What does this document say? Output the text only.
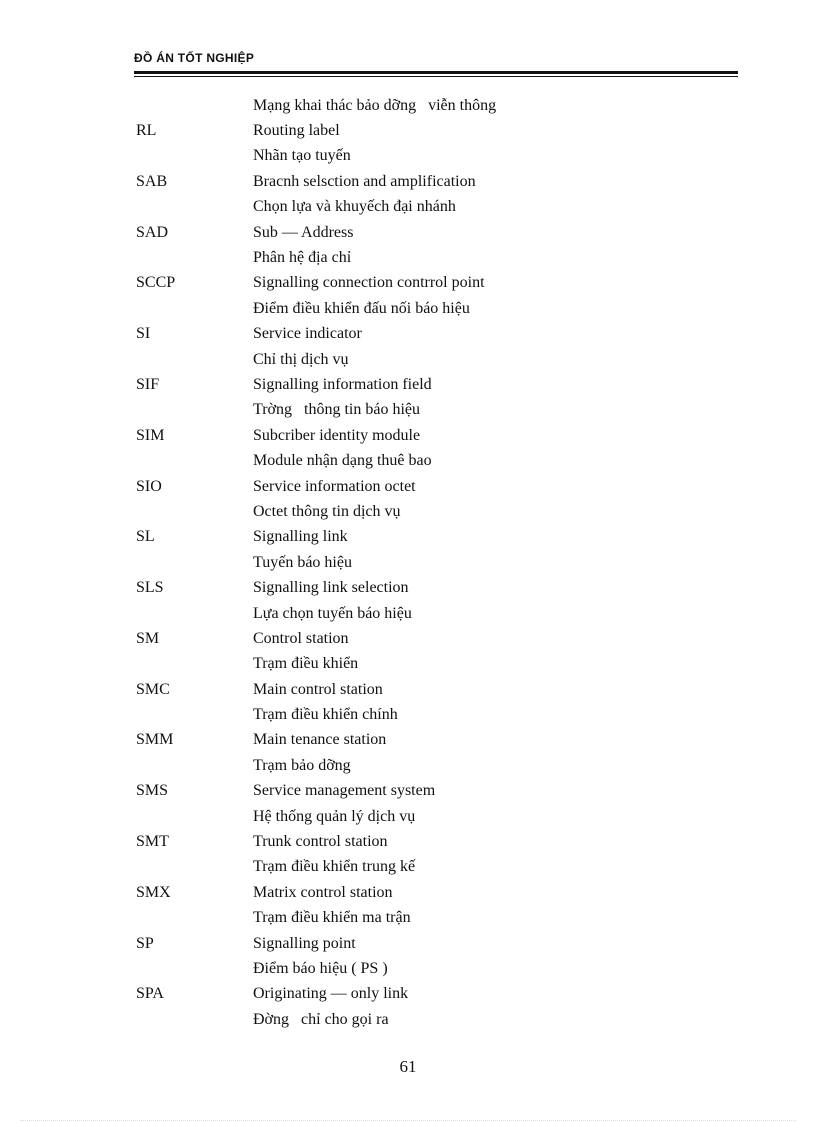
ĐỒ ÁN TỐT NGHIỆP
Mạng khai thác bảo dỡng   viễn thông
RL	Routing label
Nhãn tạo tuyến
SAB	Bracnh selsction and amplification
Chọn lựa và khuyếch đại nhánh
SAD	Sub — Address
Phân hệ địa chỉ
SCCP	Signalling connection contrrol point
Điểm điều khiển đấu nối báo hiệu
SI	Service indicator
Chỉ thị dịch vụ
SIF	Signalling information field
Trờng   thông tin báo hiệu
SIM	Subcriber identity module
Module nhận dạng thuê bao
SIO	Service information octet
Octet thông tin dịch vụ
SL	Signalling link
Tuyến báo hiệu
SLS	Signalling link selection
Lựa chọn tuyến báo hiệu
SM	Control station
Trạm điều khiển
SMC	Main control station
Trạm điều khiển chính
SMM	Main tenance station
Trạm bảo dỡng
SMS	Service management system
Hệ thống quản lý dịch vụ
SMT	Trunk control station
Trạm điều khiển trung kế
SMX	Matrix control station
Trạm điều khiển ma trận
SP	Signalling point
Điểm báo hiệu ( PS )
SPA	Originating — only link
Đờng   chỉ cho gọi ra
61
